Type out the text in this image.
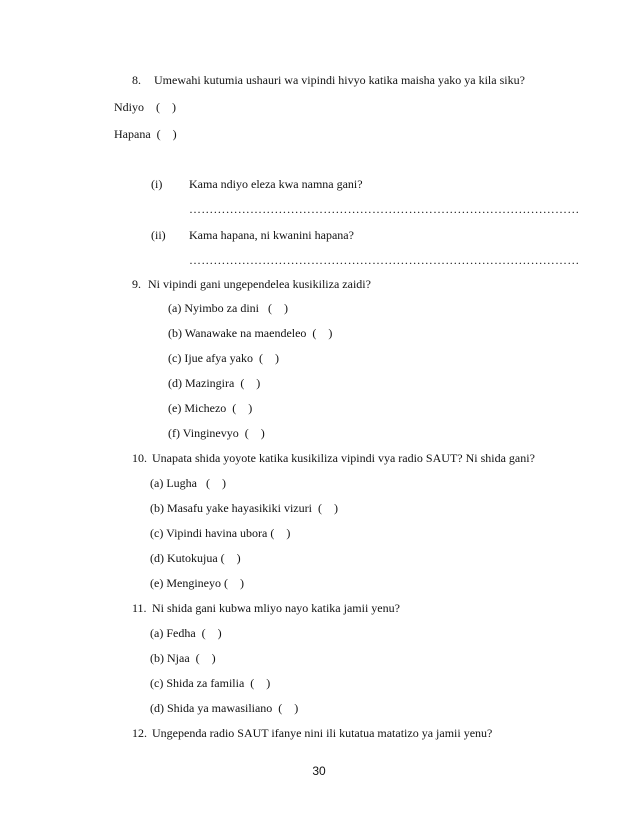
8. Umewahi kutumia ushauri wa vipindi hivyo katika maisha yako ya kila siku?
Ndiyo    (    )
Hapana  (    )
(i) Kama ndiyo eleza kwa namna gani?
……………………………………………………………………………………
(ii) Kama hapana, ni kwanini hapana?
……………………………………………………………………………………
9. Ni vipindi gani ungependelea kusikiliza zaidi?
(a) Nyimbo za dini   (    )
(b) Wanawake na maendeleo  (    )
(c) Ijue afya yako  (    )
(d) Mazingira  (    )
(e) Michezo  (    )
(f) Vinginevyo  (    )
10. Unapata shida yoyote katika kusikiliza vipindi vya radio SAUT? Ni shida gani?
(a) Lugha   (    )
(b) Masafu yake hayasikiki vizuri  (    )
(c) Vipindi havina ubora (    )
(d) Kutokujua (    )
(e) Mengineyo (    )
11. Ni shida gani kubwa mliyo nayo katika jamii yenu?
(a) Fedha  (    )
(b) Njaa  (    )
(c) Shida za familia  (    )
(d) Shida ya mawasiliano  (    )
12. Ungependa radio SAUT ifanye nini ili kutatua matatizo ya jamii yenu?
30
